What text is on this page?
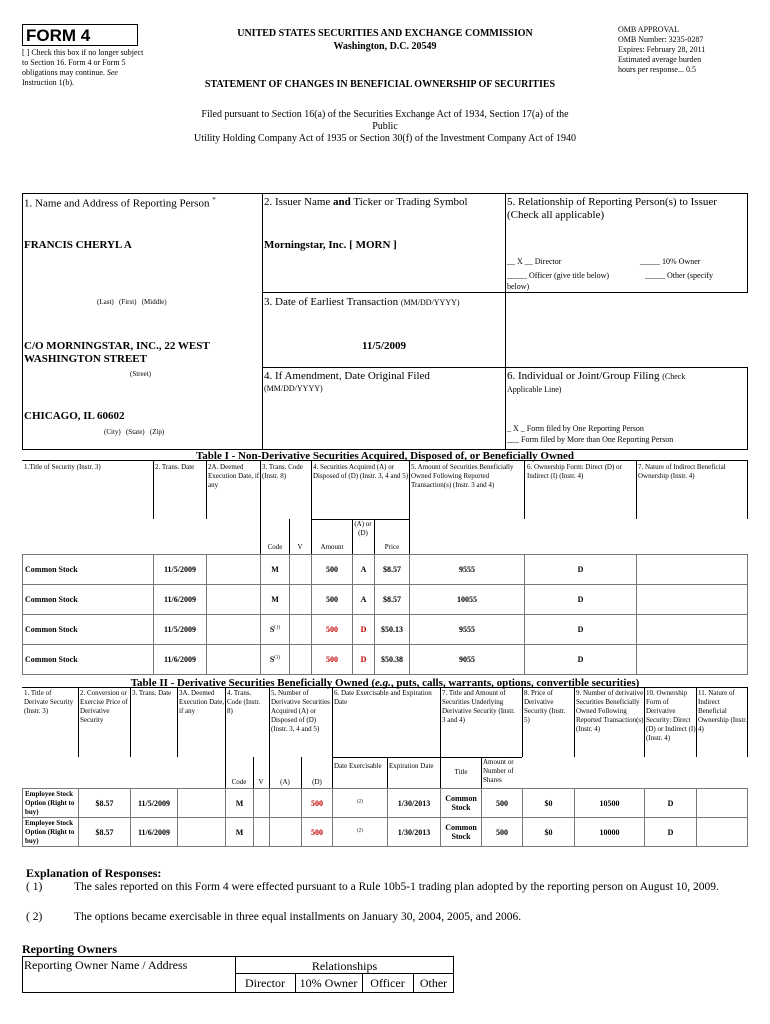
FORM 4
[ ] Check this box if no longer subject to Section 16. Form 4 or Form 5 obligations may continue. See Instruction 1(b).
UNITED STATES SECURITIES AND EXCHANGE COMMISSION
Washington, D.C. 20549
STATEMENT OF CHANGES IN BENEFICIAL OWNERSHIP OF SECURITIES
OMB APPROVAL
OMB Number: 3235-0287
Expires: February 28, 2011
Estimated average burden
hours per response... 0.5
Filed pursuant to Section 16(a) of the Securities Exchange Act of 1934, Section 17(a) of the
Public
Utility Holding Company Act of 1935 or Section 30(f) of the Investment Company Act of 1940
1. Name and Address of Reporting Person *
FRANCIS CHERYL A
(Last)   (First)   (Middle)
C/O MORNINGSTAR, INC., 22 WEST
WASHINGTON STREET
(Street)
CHICAGO, IL 60602
(City)   (State)   (Zip)
2. Issuer Name and Ticker or Trading Symbol
Morningstar, Inc. [ MORN ]
3. Date of Earliest Transaction (MM/DD/YYYY)
11/5/2009
4. If Amendment, Date Original Filed
(MM/DD/YYYY)
5. Relationship of Reporting Person(s) to Issuer
(Check all applicable)
__ X __ Director	_____ 10% Owner
_____ Officer (give title below)	_____ Other (specify
below)
6. Individual or Joint/Group Filing (Check
Applicable Line)
_ X _ Form filed by One Reporting Person
___ Form filed by More than One Reporting Person
Table I - Non-Derivative Securities Acquired, Disposed of, or Beneficially Owned
1.Title of Security (Instr. 3)	2. Trans. Date	2A. Deemed Execution Date, if any
3. Trans. Code (Instr. 8)
4. Securities Acquired (A) or Disposed of (D) (Instr. 3, 4 and 5)
5. Amount of Securities Beneficially Owned Following Reported Transaction(s) (Instr. 3 and 4)
6. Ownership Form: Direct (D) or Indirect (I) (Instr. 4)
7. Nature of Indirect Beneficial Ownership (Instr. 4)
Code	V	Amount
(A) or (D)
Price
Common Stock	11/5/2009		M		500	A	$8.57	9555	D	
Common Stock	11/6/2009		M		500	A	$8.57	10055	D	
Common Stock	11/5/2009		$S^{(1)}$		500	D	$50.13	9555	D	
Common Stock	11/6/2009		$S^{(1)}$		500	D	$50.38	9055	D	
Table II - Derivative Securities Beneficially Owned (e.g., puts, calls, warrants, options, convertible securities)
1. Title of Derivate Security (Instr. 3)
2. Conversion or Exercise Price of Derivative Security
3. Trans. Date	3A. Deemed Execution Date, if any
4. Trans. Code (Instr. 8)
5. Number of Derivative Securities Acquired (A) or Disposed of (D) (Instr. 3, 4 and 5)
6. Date Exercisable and Expiration Date
7. Title and Amount of Securities Underlying Derivative Security (Instr. 3 and 4)
8. Price of Derivative Security (Instr. 5)
9. Number of derivative Securities Beneficially Owned Following Reported Transaction(s) (Instr. 4)
10. Ownership Form of Derivative Security: Direct (D) or Indirect (I) (Instr. 4)
11. Nature of Indirect Beneficial Ownership (Instr. 4)
Code	V	(A)	(D)
Date Exercisable	Expiration Date
Title
Amount or Number of Shares
Employee Stock Option (Right to buy)	$8.57	11/5/2009		M			500	$^{(2)}$	1/30/2013	Common Stock	500	$0	10500	D	
Employee Stock Option (Right to buy)	$8.57	11/6/2009		M			500	$^{(2)}$	1/30/2013	Common Stock	500	$0	10000	D	
Explanation of Responses:
( 1)	The sales reported on this Form 4 were effected pursuant to a Rule 10b5-1 trading plan adopted by the reporting person on August 10, 2009.
( 2)	The options became exercisable in three equal installments on January 30, 2004, 2005, and 2006.
Reporting Owners
Reporting Owner Name / Address	Relationships
Director	10% Owner	Officer	Other
